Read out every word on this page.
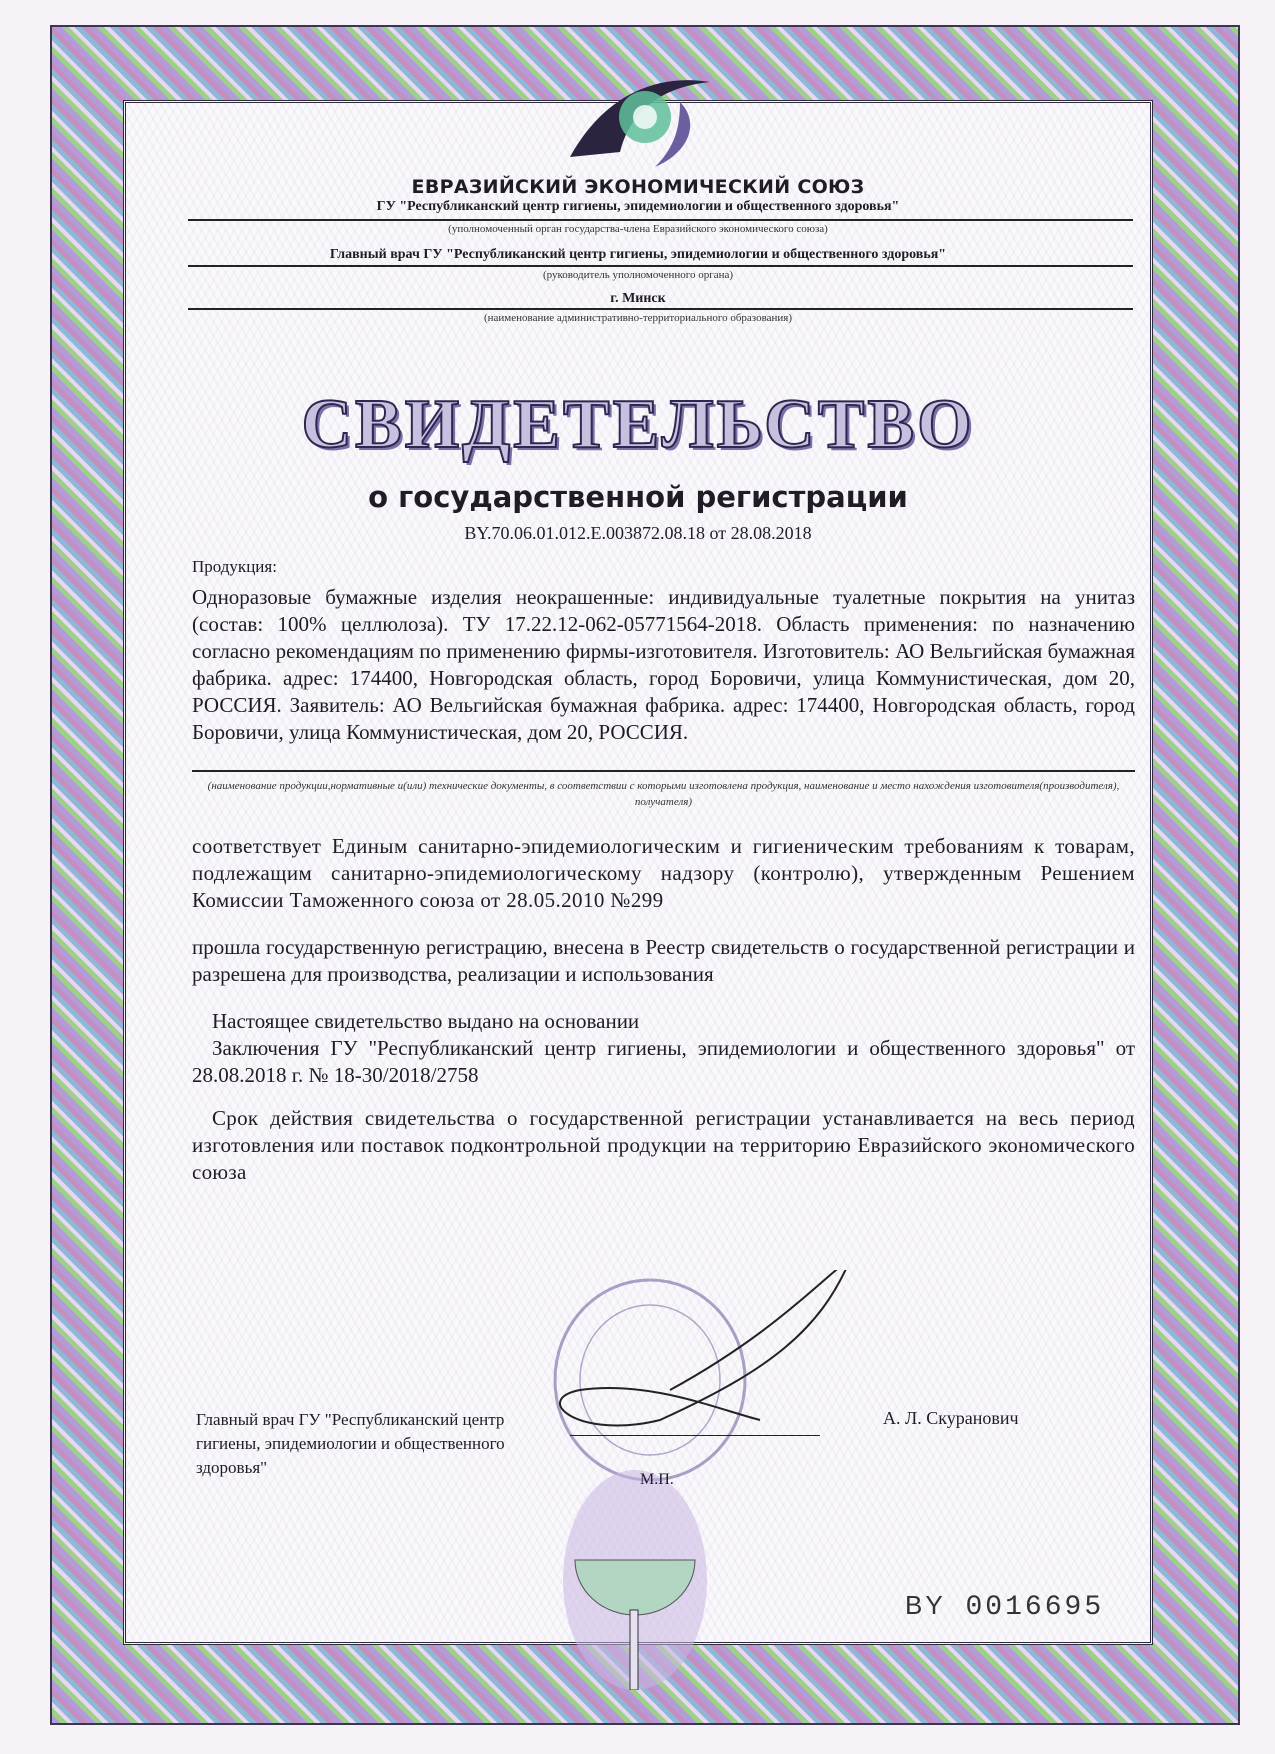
ЕВРАЗИЙСКИЙ ЭКОНОМИЧЕСКИЙ СОЮЗ
ГУ "Республиканский центр гигиены, эпидемиологии и общественного здоровья"
(уполномоченный орган государства-члена Евразийского экономического союза)
Главный врач ГУ "Республиканский центр гигиены, эпидемиологии и общественного здоровья"
(руководитель уполномоченного органа)
г. Минск
(наименование административно-территориального образования)
СВИДЕТЕЛЬСТВО
о государственной регистрации
BY.70.06.01.012.E.003872.08.18 от 28.08.2018
Продукция:
Одноразовые бумажные изделия неокрашенные: индивидуальные туалетные покрытия на унитаз (состав: 100% целлюлоза). ТУ 17.22.12-062-05771564-2018. Область применения: по назначению согласно рекомендациям по применению фирмы-изготовителя. Изготовитель: АО Вельгийская бумажная фабрика. адрес: 174400, Новгородская область, город Боровичи, улица Коммунистическая, дом 20, РОССИЯ. Заявитель: АО Вельгийская бумажная фабрика. адрес: 174400, Новгородская область, город Боровичи, улица Коммунистическая, дом 20, РОССИЯ.
(наименование продукции,нормативные и(или) технические документы, в соответствии с которыми изготовлена продукция, наименование и место нахождения изготовителя(производителя), получателя)
соответствует Единым санитарно-эпидемиологическим и гигиеническим требованиям к товарам, подлежащим санитарно-эпидемиологическому надзору (контролю), утвержденным Решением Комиссии Таможенного союза от 28.05.2010 №299
прошла государственную регистрацию, внесена в Реестр свидетельств о государственной регистрации и разрешена для производства, реализации и использования
Настоящее свидетельство выдано на основании
Заключения ГУ "Республиканский центр гигиены, эпидемиологии и общественного здоровья" от 28.08.2018 г. № 18-30/2018/2758
Срок действия свидетельства о государственной регистрации устанавливается на весь период изготовления или поставок подконтрольной продукции на территорию Евразийского экономического союза
Главный врач ГУ "Республиканский центр гигиены, эпидемиологии и общественного здоровья"
А. Л. Скуранович
М.П.
BY 0016695
